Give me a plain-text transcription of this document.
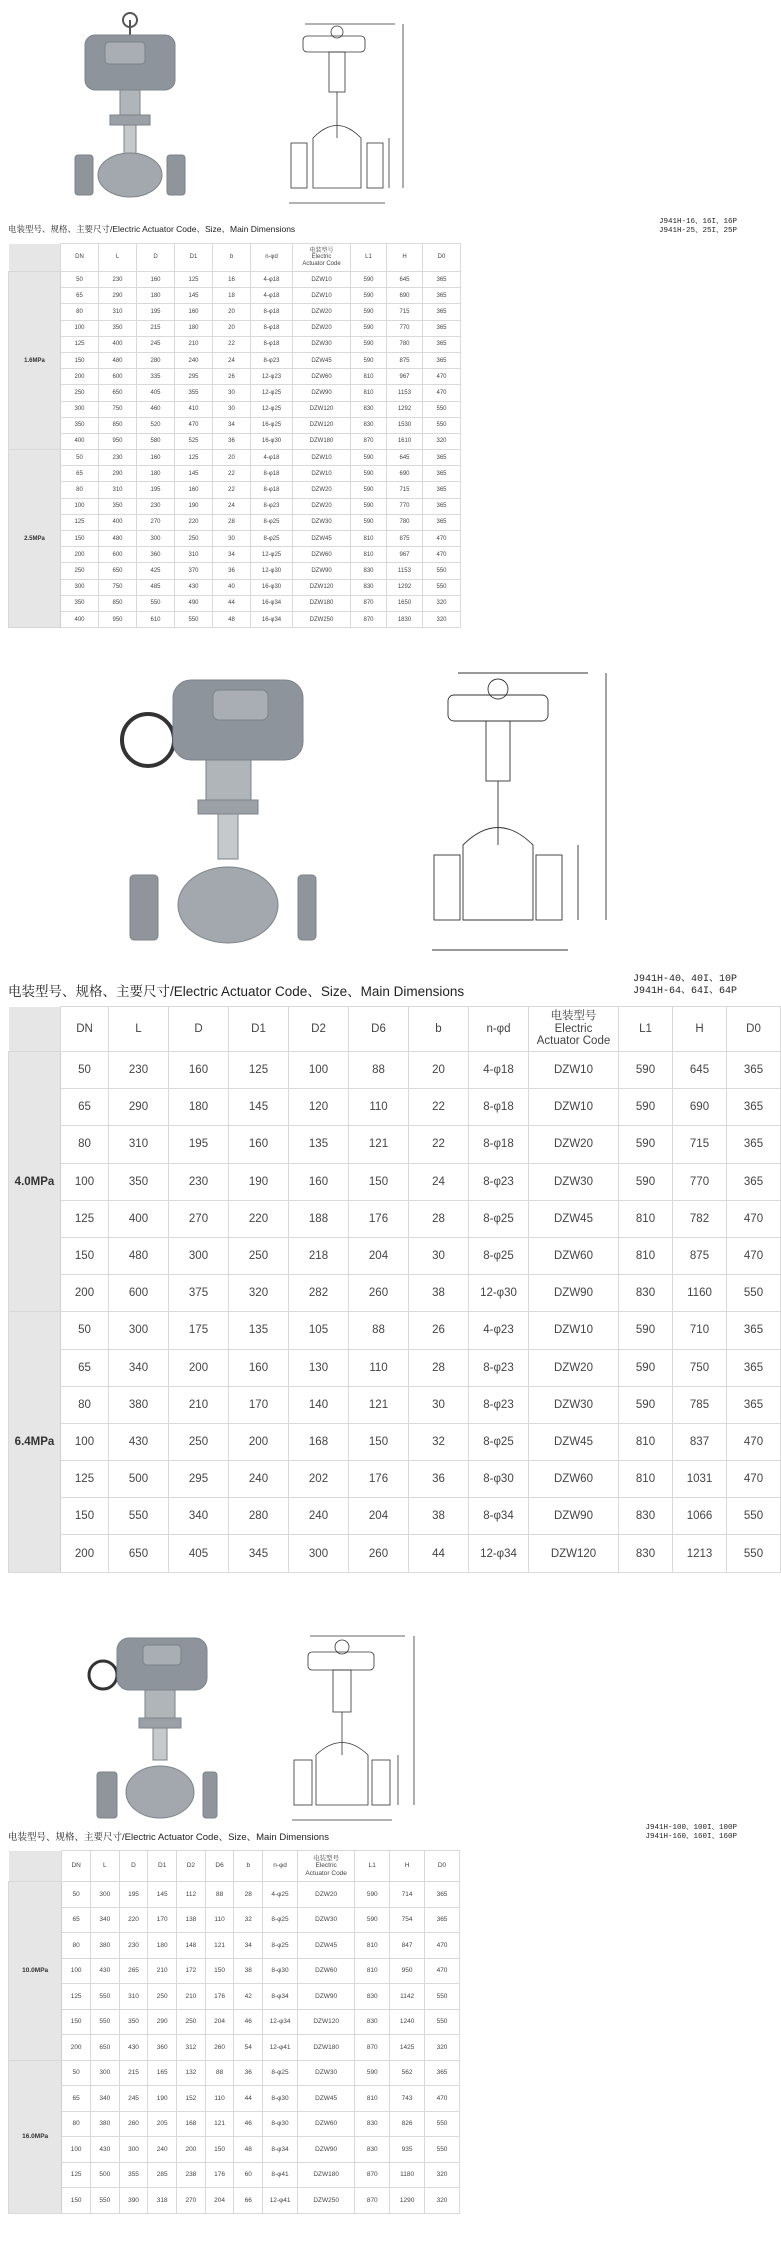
电装型号、规格、主要尺寸/Electric Actuator Code、Size、Main Dimensions
J941H-16、16I、16P
J941H-25、25I、25P

	DN	L	D	D1	b	n-φd	电装型号
Electric
Actuator Code	L1	H	D0

1.6MPa	50	230	160	125	16	4-φ18	DZW10	590	645	365
	65	290	180	145	18	4-φ18	DZW10	590	690	365
	80	310	195	160	20	8-φ18	DZW20	590	715	365
	100	350	215	180	20	8-φ18	DZW20	590	770	365
	125	400	245	210	22	8-φ18	DZW30	590	780	365
	150	480	280	240	24	8-φ23	DZW45	590	875	365
	200	600	335	295	26	12-φ23	DZW60	810	967	470
	250	650	405	355	30	12-φ25	DZW90	810	1153	470
	300	750	460	410	30	12-φ25	DZW120	830	1292	550
	350	850	520	470	34	16-φ25	DZW120	830	1530	550
	400	950	580	525	36	16-φ30	DZW180	870	1610	320
2.5MPa	50	230	160	125	20	4-φ18	DZW10	590	645	365
	65	290	180	145	22	8-φ18	DZW10	590	690	365
	80	310	195	160	22	8-φ18	DZW20	590	715	365
	100	350	230	190	24	8-φ23	DZW20	590	770	365
	125	400	270	220	28	8-φ25	DZW30	590	780	365
	150	480	300	250	30	8-φ25	DZW45	810	875	470
	200	600	360	310	34	12-φ25	DZW60	810	967	470
	250	650	425	370	36	12-φ30	DZW90	830	1153	550
	300	750	485	430	40	16-φ30	DZW120	830	1292	550
	350	850	550	490	44	16-φ34	DZW180	870	1650	320
	400	950	610	550	48	16-φ34	DZW250	870	1830	320
电装型号、规格、主要尺寸/Electric Actuator Code、Size、Main Dimensions
J941H-40、40I、10P
J941H-64、64I、64P

	DN	L	D	D1	D2	D6	b	n-φd	电装型号
Electric
Actuator Code	L1	H	D0

4.0MPa	50	230	160	125	100	88	20	4-φ18	DZW10	590	645	365
	65	290	180	145	120	110	22	8-φ18	DZW10	590	690	365
	80	310	195	160	135	121	22	8-φ18	DZW20	590	715	365
	100	350	230	190	160	150	24	8-φ23	DZW30	590	770	365
	125	400	270	220	188	176	28	8-φ25	DZW45	810	782	470
	150	480	300	250	218	204	30	8-φ25	DZW60	810	875	470
	200	600	375	320	282	260	38	12-φ30	DZW90	830	1160	550
6.4MPa	50	300	175	135	105	88	26	4-φ23	DZW10	590	710	365
	65	340	200	160	130	110	28	8-φ23	DZW20	590	750	365
	80	380	210	170	140	121	30	8-φ23	DZW30	590	785	365
	100	430	250	200	168	150	32	8-φ25	DZW45	810	837	470
	125	500	295	240	202	176	36	8-φ30	DZW60	810	1031	470
	150	550	340	280	240	204	38	8-φ34	DZW90	830	1066	550
	200	650	405	345	300	260	44	12-φ34	DZW120	830	1213	550
电装型号、规格、主要尺寸/Electric Actuator Code、Size、Main Dimensions
J941H-100、100I、100P
J941H-160、160I、160P

	DN	L	D	D1	D2	D6	b	n-φd	电装型号
Electric
Actuator Code	L1	H	D0

10.0MPa	50	300	195	145	112	88	28	4-φ25	DZW20	590	714	365
	65	340	220	170	138	110	32	8-φ25	DZW30	590	754	365
	80	380	230	180	148	121	34	8-φ25	DZW45	810	847	470
	100	430	265	210	172	150	38	8-φ30	DZW60	810	950	470
	125	550	310	250	210	176	42	8-φ34	DZW90	830	1142	550
	150	550	350	290	250	204	46	12-φ34	DZW120	830	1240	550
	200	650	430	360	312	260	54	12-φ41	DZW180	870	1425	320
16.0MPa	50	300	215	165	132	88	36	8-φ25	DZW30	590	562	365
	65	340	245	190	152	110	44	8-φ30	DZW45	810	743	470
	80	380	260	205	168	121	46	8-φ30	DZW60	830	826	550
	100	430	300	240	200	150	48	8-φ34	DZW90	830	935	550
	125	500	355	285	238	176	60	8-φ41	DZW180	870	1180	320
	150	550	390	318	270	204	66	12-φ41	DZW250	870	1290	320
